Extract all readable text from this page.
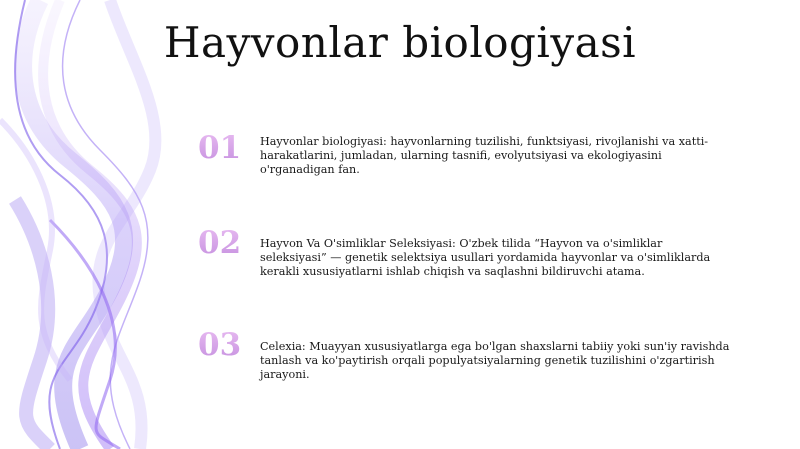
Hayvonlar biologiyasi
01	Hayvonlar biologiyasi: hayvonlarning tuzilishi, funktsiyasi, rivojlanishi va xatti-harakatlarini, jumladan, ularning tasnifi, evolyutsiyasi va ekologiyasini o'rganadigan fan.

02	Hayvon Va O'simliklar Seleksiyasi: O'zbek tilida “Hayvon va o'simliklar seleksiyasi” — genetik selektsiya usullari yordamida hayvonlar va o'simliklarda kerakli xususiyatlarni ishlab chiqish va saqlashni bildiruvchi atama.

03	Celexia: Muayyan xususiyatlarga ega bo'lgan shaxslarni tabiiy yoki sun'iy ravishda tanlash va ko'paytirish orqali populyatsiyalarning genetik tuzilishini o'zgartirish jarayoni.
